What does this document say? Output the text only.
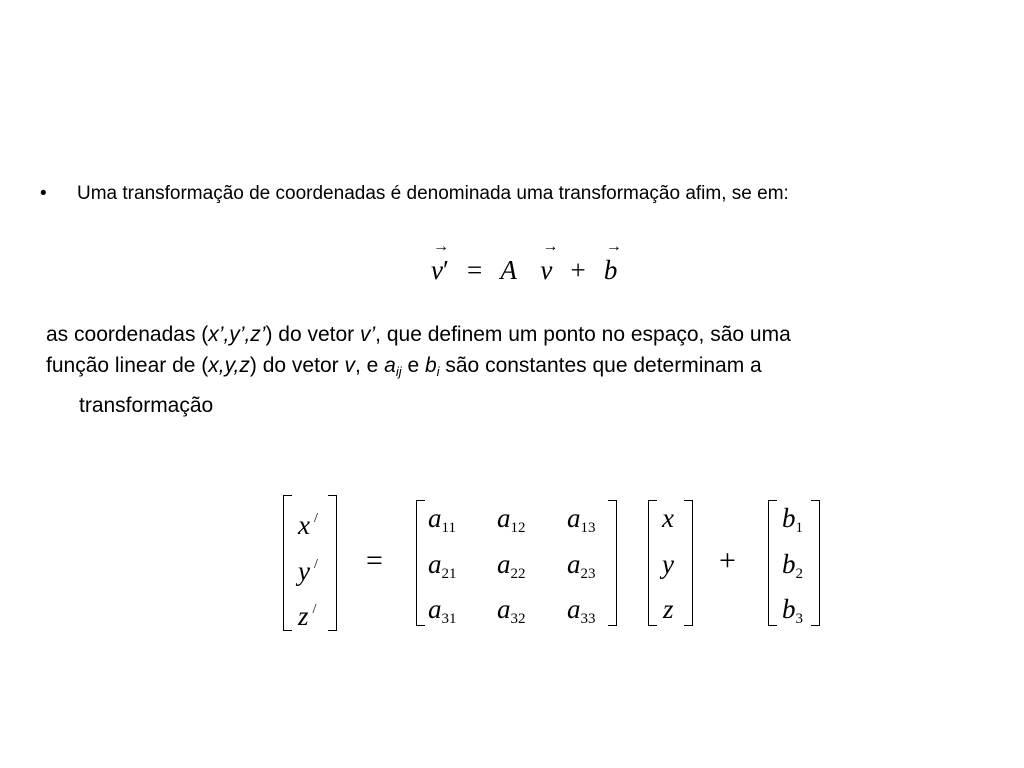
• Uma transformação de coordenadas é denominada uma transformação afim, se em:
→
v′ = A
→
v +
→
b
as coordenadas (x’,y’,z’) do vetor v’, que definem um ponto no espaço, são uma
função linear de (x,y,z) do vetor v, e $a_{ij}$ e $b_i$ são constantes que determinam a
transformação
x /
y /
z /
=
$a_{11}$ $a_{12}$ $a_{13}$
$a_{21}$ $a_{22}$ $a_{23}$
$a_{31}$ $a_{32}$ $a_{33}$
x
y
z
+
$b_1$
$b_2$
$b_3$
